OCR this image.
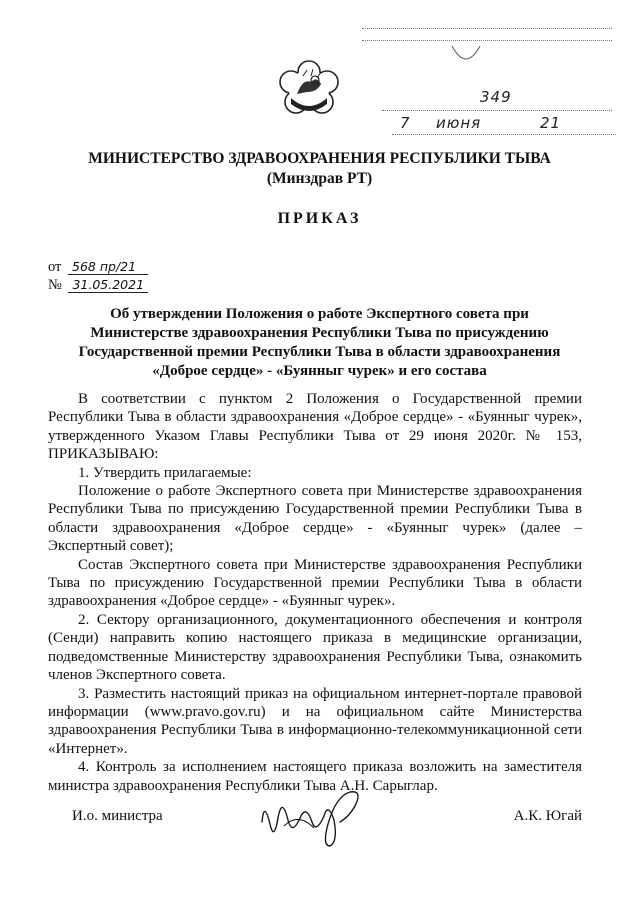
349
7 июня	21
МИНИСТЕРСТВО ЗДРАВООХРАНЕНИЯ РЕСПУБЛИКИ ТЫВА
(Минздрав РТ)
ПРИКАЗ
от 568 пр/21
№ 31.05.2021
Об утверждении Положения о работе Экспертного совета при
Министерстве здравоохранения Республики Тыва по присуждению
Государственной премии Республики Тыва в области здравоохранения
«Доброе сердце» - «Буянныг чурек» и его состава

В соответствии с пунктом 2 Положения о Государственной премии Республики Тыва в области здравоохранения «Доброе сердце» - «Буянныг чурек», утвержденного Указом Главы Республики Тыва от 29 июня 2020г. № 153, ПРИКАЗЫВАЮ:

1. Утвердить прилагаемые:

Положение о работе Экспертного совета при Министерстве здравоохранения Республики Тыва по присуждению Государственной премии Республики Тыва в области здравоохранения «Доброе сердце» - «Буянныг чурек» (далее – Экспертный совет);

Состав Экспертного совета при Министерстве здравоохранения Республики Тыва по присуждению Государственной премии Республики Тыва в области здравоохранения «Доброе сердце» - «Буянныг чурек».

2. Сектору организационного, документационного обеспечения и контроля (Сенди) направить копию настоящего приказа в медицинские организации, подведомственные Министерству здравоохранения Республики Тыва, ознакомить членов Экспертного совета.

3. Разместить настоящий приказ на официальном интернет-портале правовой информации (www.pravo.gov.ru) и на официальном сайте Министерства здравоохранения Республики Тыва в информационно-телекоммуникационной сети «Интернет».

4. Контроль за исполнением настоящего приказа возложить на заместителя министра здравоохранения Республики Тыва А.Н. Сарыглар.

И.о. министра	А.К. Югай
